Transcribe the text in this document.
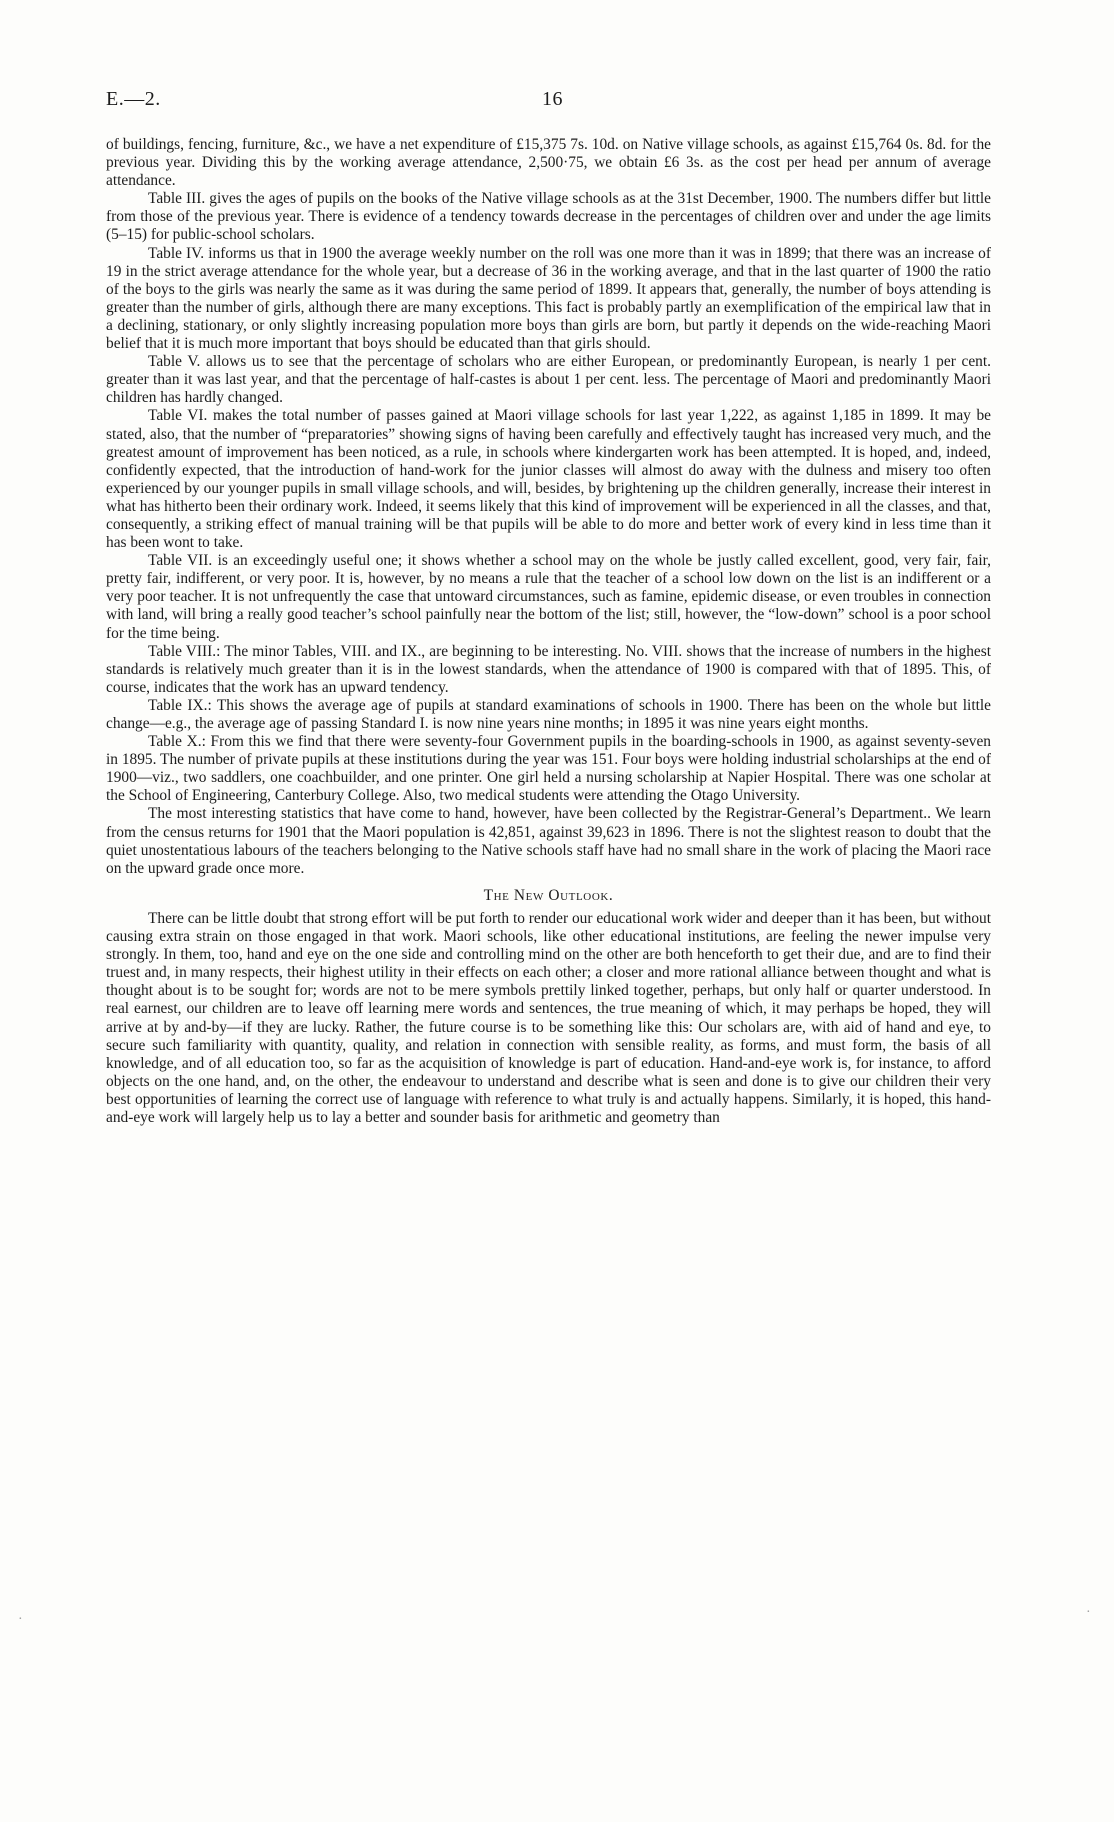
E.—2.	16

of buildings, fencing, furniture, &c., we have a net expenditure of £15,375 7s. 10d. on Native village schools, as against £15,764 0s. 8d. for the previous year. Dividing this by the working average attendance, 2,500·75, we obtain £6 3s. as the cost per head per annum of average attendance.

Table III. gives the ages of pupils on the books of the Native village schools as at the 31st December, 1900. The numbers differ but little from those of the previous year. There is evidence of a tendency towards decrease in the percentages of children over and under the age limits (5–15) for public-school scholars.

Table IV. informs us that in 1900 the average weekly number on the roll was one more than it was in 1899; that there was an increase of 19 in the strict average attendance for the whole year, but a decrease of 36 in the working average, and that in the last quarter of 1900 the ratio of the boys to the girls was nearly the same as it was during the same period of 1899. It appears that, generally, the number of boys attending is greater than the number of girls, although there are many exceptions. This fact is probably partly an exemplification of the empirical law that in a declining, stationary, or only slightly increasing population more boys than girls are born, but partly it depends on the wide-reaching Maori belief that it is much more important that boys should be educated than that girls should.

Table V. allows us to see that the percentage of scholars who are either European, or predominantly European, is nearly 1 per cent. greater than it was last year, and that the percentage of half-castes is about 1 per cent. less. The percentage of Maori and predominantly Maori children has hardly changed.

Table VI. makes the total number of passes gained at Maori village schools for last year 1,222, as against 1,185 in 1899. It may be stated, also, that the number of “preparatories” showing signs of having been carefully and effectively taught has increased very much, and the greatest amount of improvement has been noticed, as a rule, in schools where kindergarten work has been attempted. It is hoped, and, indeed, confidently expected, that the introduction of hand-work for the junior classes will almost do away with the dulness and misery too often experienced by our younger pupils in small village schools, and will, besides, by brightening up the children generally, increase their interest in what has hitherto been their ordinary work. Indeed, it seems likely that this kind of improvement will be experienced in all the classes, and that, consequently, a striking effect of manual training will be that pupils will be able to do more and better work of every kind in less time than it has been wont to take.

Table VII. is an exceedingly useful one; it shows whether a school may on the whole be justly called excellent, good, very fair, fair, pretty fair, indifferent, or very poor. It is, however, by no means a rule that the teacher of a school low down on the list is an indifferent or a very poor teacher. It is not unfrequently the case that untoward circumstances, such as famine, epidemic disease, or even troubles in connection with land, will bring a really good teacher’s school painfully near the bottom of the list; still, however, the “low-down” school is a poor school for the time being.

Table VIII.: The minor Tables, VIII. and IX., are beginning to be interesting. No. VIII. shows that the increase of numbers in the highest standards is relatively much greater than it is in the lowest standards, when the attendance of 1900 is compared with that of 1895. This, of course, indicates that the work has an upward tendency.

Table IX.: This shows the average age of pupils at standard examinations of schools in 1900. There has been on the whole but little change—e.g., the average age of passing Standard I. is now nine years nine months; in 1895 it was nine years eight months.

Table X.: From this we find that there were seventy-four Government pupils in the boarding-schools in 1900, as against seventy-seven in 1895. The number of private pupils at these institutions during the year was 151. Four boys were holding industrial scholarships at the end of 1900—viz., two saddlers, one coachbuilder, and one printer. One girl held a nursing scholarship at Napier Hospital. There was one scholar at the School of Engineering, Canterbury College. Also, two medical students were attending the Otago University.

The most interesting statistics that have come to hand, however, have been collected by the Registrar-General’s Department.. We learn from the census returns for 1901 that the Maori population is 42,851, against 39,623 in 1896. There is not the slightest reason to doubt that the quiet unostentatious labours of the teachers belonging to the Native schools staff have had no small share in the work of placing the Maori race on the upward grade once more.

The New Outlook.

There can be little doubt that strong effort will be put forth to render our educational work wider and deeper than it has been, but without causing extra strain on those engaged in that work. Maori schools, like other educational institutions, are feeling the newer impulse very strongly. In them, too, hand and eye on the one side and controlling mind on the other are both henceforth to get their due, and are to find their truest and, in many respects, their highest utility in their effects on each other; a closer and more rational alliance between thought and what is thought about is to be sought for; words are not to be mere symbols prettily linked together, perhaps, but only half or quarter understood. In real earnest, our children are to leave off learning mere words and sentences, the true meaning of which, it may perhaps be hoped, they will arrive at by and-by—if they are lucky. Rather, the future course is to be something like this: Our scholars are, with aid of hand and eye, to secure such familiarity with quantity, quality, and relation in connection with sensible reality, as forms, and must form, the basis of all knowledge, and of all education too, so far as the acquisition of knowledge is part of education. Hand-and-eye work is, for instance, to afford objects on the one hand, and, on the other, the endeavour to understand and describe what is seen and done is to give our children their very best opportunities of learning the correct use of language with reference to what truly is and actually happens. Similarly, it is hoped, this hand-and-eye work will largely help us to lay a better and sounder basis for arithmetic and geometry than

·	·
